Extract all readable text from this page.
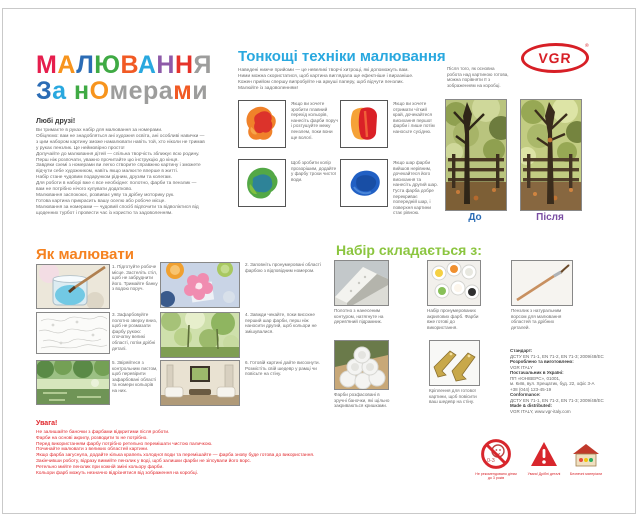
МАЛЮВАННЯ
За нОмерами
Любі друзі!
Ви тримаєте в руках набір для малювання за номерами.
Обіцяємо: вам не знадобляться ані художня освіта, ані особливі навички —
з цим набором картину зможе намалювати навіть той, хто ніколи не тримав
у руках пензлик. Це неймовірно просто!
Долучайте до малювання дітей — спільна творчість зближує всю родину.
Перш ніж розпочати, уважно прочитайте цю інструкцію до кінця.
Завдяки схемі з номерами ви легко створите справжню картину і зможете
відчути себе художником, навіть якщо малюєте вперше в житті.
Набір стане чудовим подарунком рідним, друзям та колегам.
Для роботи в наборі вже є все необхідне: полотно, фарби та пензлик —
вам не потрібно нічого купувати додатково.
Малювання заспокоює, розвиває уяву та дрібну моторику рук.
Готова картина прикрасить вашу оселю або робоче місце.
Малювання за номерами — чудовий спосіб відпочити та відволіктися від
щоденних турбот і провести час із користю та задоволенням.
Тонкощі техніки малювання
Наведені нижче прийоми — це невеликі творчі хитрощі, які допоможуть вам.
Ними можна скористатися, щоб картина виглядала ще ефектніше і виразніше.
Кожен прийом спершу випробуйте на аркуші паперу, щоб відчути пензлик.
Малюйте із задоволенням!
Якщо ви хочете зробити плавний перехід кольорів, нанесіть фарби поруч і розтушуйте межу пензлем, поки вони ще вологі.
Якщо ви хочете отримати чіткий край, дочекайтеся висихання першої фарби і лише потім наносьте сусідню.
Щоб зробити колір прозорішим, додайте у фарбу трохи чистої води.
Якщо шар фарби вийшов нерівним, дочекайтеся його висихання та нанесіть другий шар. Густа фарба добре перекриває попередній шар, і поверхня картини стає рівною.
VGR
®
Після того, як основна
робота над картиною готова,
можна порівняти її з
зображенням на коробці.
До	Після
Як малювати
1. Підготуйте робоче місце. Застеліть стіл, щоб не забруднити його. Тримайте банку з водою поруч.
2. Заповніть пронумеровані області фарбою з відповідним номером.
3. Зафарбовуйте полотно зверху вниз, щоб не розмазати фарбу рукою: спочатку великі області, потім дрібні деталі.
4. Завжди чекайте, поки висохне перший шар фарби, перш ніж наносити другий, щоб кольори не змішувалися.
5. Звіряйтеся з контрольним листом, щоб перевірити зафарбовані області та номери кольорів на них.
6. Готовій картині дайте висохнути. Розмістіть свій шедевр у рамці чи повісьте на стіну.
Набір складається з:
Полотно з нанесеним контуром, натягнуте на дерев'яний підрамник.
Набір пронумерованих акрилових фарб. Фарби вже готові до використання.
Пензлик з натуральним ворсом для малювання областей та дрібних деталей.
Фарби розфасовані в зручні баночки, які щільно закриваються кришками.
Кріплення для готової картини, щоб повісити ваш шедевр на стіну.
Стандарт:
ДСТУ EN 71-1, EN 71-2, EN 71-3; 2009/48/EC
Розроблено та виготовлено:
VGR ITALY
Постачальник в Україні:
ПП «ЮНІВЕРС», 01001,
м. Київ, вул. Хрещатик, буд. 22, офіс 3-А
+38 (044) 123-45-19
Conformance:
ДСТУ EN 71-1, EN 71-2, EN 71-3; 2009/48/EC
Made & distributed:
VGR ITALY, www.vgr-italy.com
Увага!
Не залишайте баночки з фарбами відкритими після роботи.
Фарби на основі акрилу, розводити їх не потрібно.
Перед використанням фарбу потрібно ретельно перемішати чистою паличкою.
Починайте малювати з великих областей картини.
Якщо фарба загуснула, додайте кілька крапель холодної води та перемішайте — фарба знову буде готова до використання.
Закінчивши роботу, відразу вимийте пензлик у воді, щоб залишки фарби не зіпсували його ворс.
Ретельно мийте пензлик при кожній зміні кольору фарби.
Кольори фарб можуть незначно відрізнятися від зображення на коробці.
0-3
Не рекомендовано дітям до 3 років
Увага! Дрібні деталі	Безпечні матеріали
